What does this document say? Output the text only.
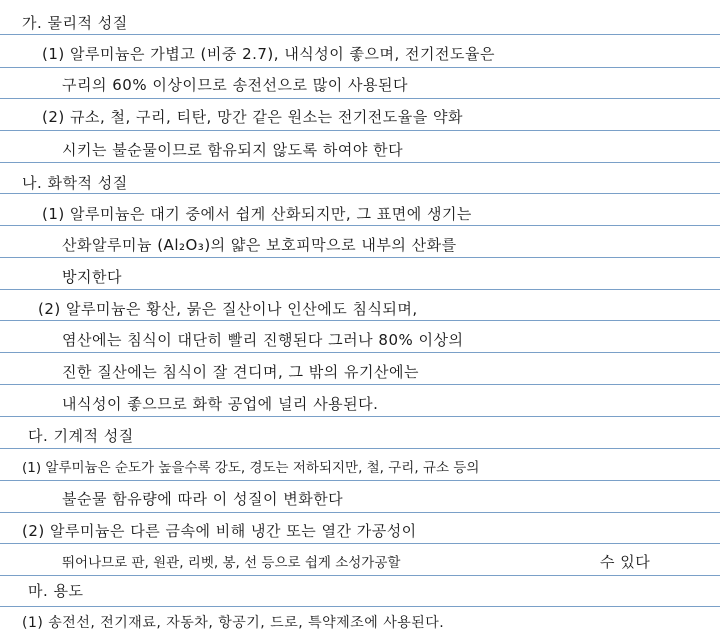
가. 물리적 성질
(1) 알루미늄은 가볍고 (비중 2.7), 내식성이 좋으며, 전기전도율은
구리의 60% 이상이므로 송전선으로 많이 사용된다
(2) 규소, 철, 구리, 티탄, 망간 같은 원소는 전기전도율을 약화
시키는 불순물이므로 함유되지 않도록 하여야 한다
나. 화학적 성질
(1) 알루미늄은 대기 중에서 쉽게 산화되지만, 그 표면에 생기는
산화알루미늄 (Al₂O₃)의 얇은 보호피막으로 내부의 산화를
방지한다
(2) 알루미늄은 황산, 묽은 질산이나 인산에도 침식되며,
염산에는 침식이 대단히 빨리 진행된다 그러나 80% 이상의
진한 질산에는 침식이 잘 견디며, 그 밖의 유기산에는
내식성이 좋으므로 화학 공업에 널리 사용된다.
다. 기계적 성질
(1) 알루미늄은 순도가 높을수록 강도, 경도는 저하되지만, 철, 구리, 규소 등의
불순물 함유량에 따라 이 성질이 변화한다
(2) 알루미늄은 다른 금속에 비해 냉간 또는 열간 가공성이
뛰어나므로 판, 원관, 리벳, 봉, 선 등으로 쉽게 소성가공할	수 있다
마. 용도
(1) 송전선, 전기재료, 자동차, 항공기, 드로, 특약제조에 사용된다.
